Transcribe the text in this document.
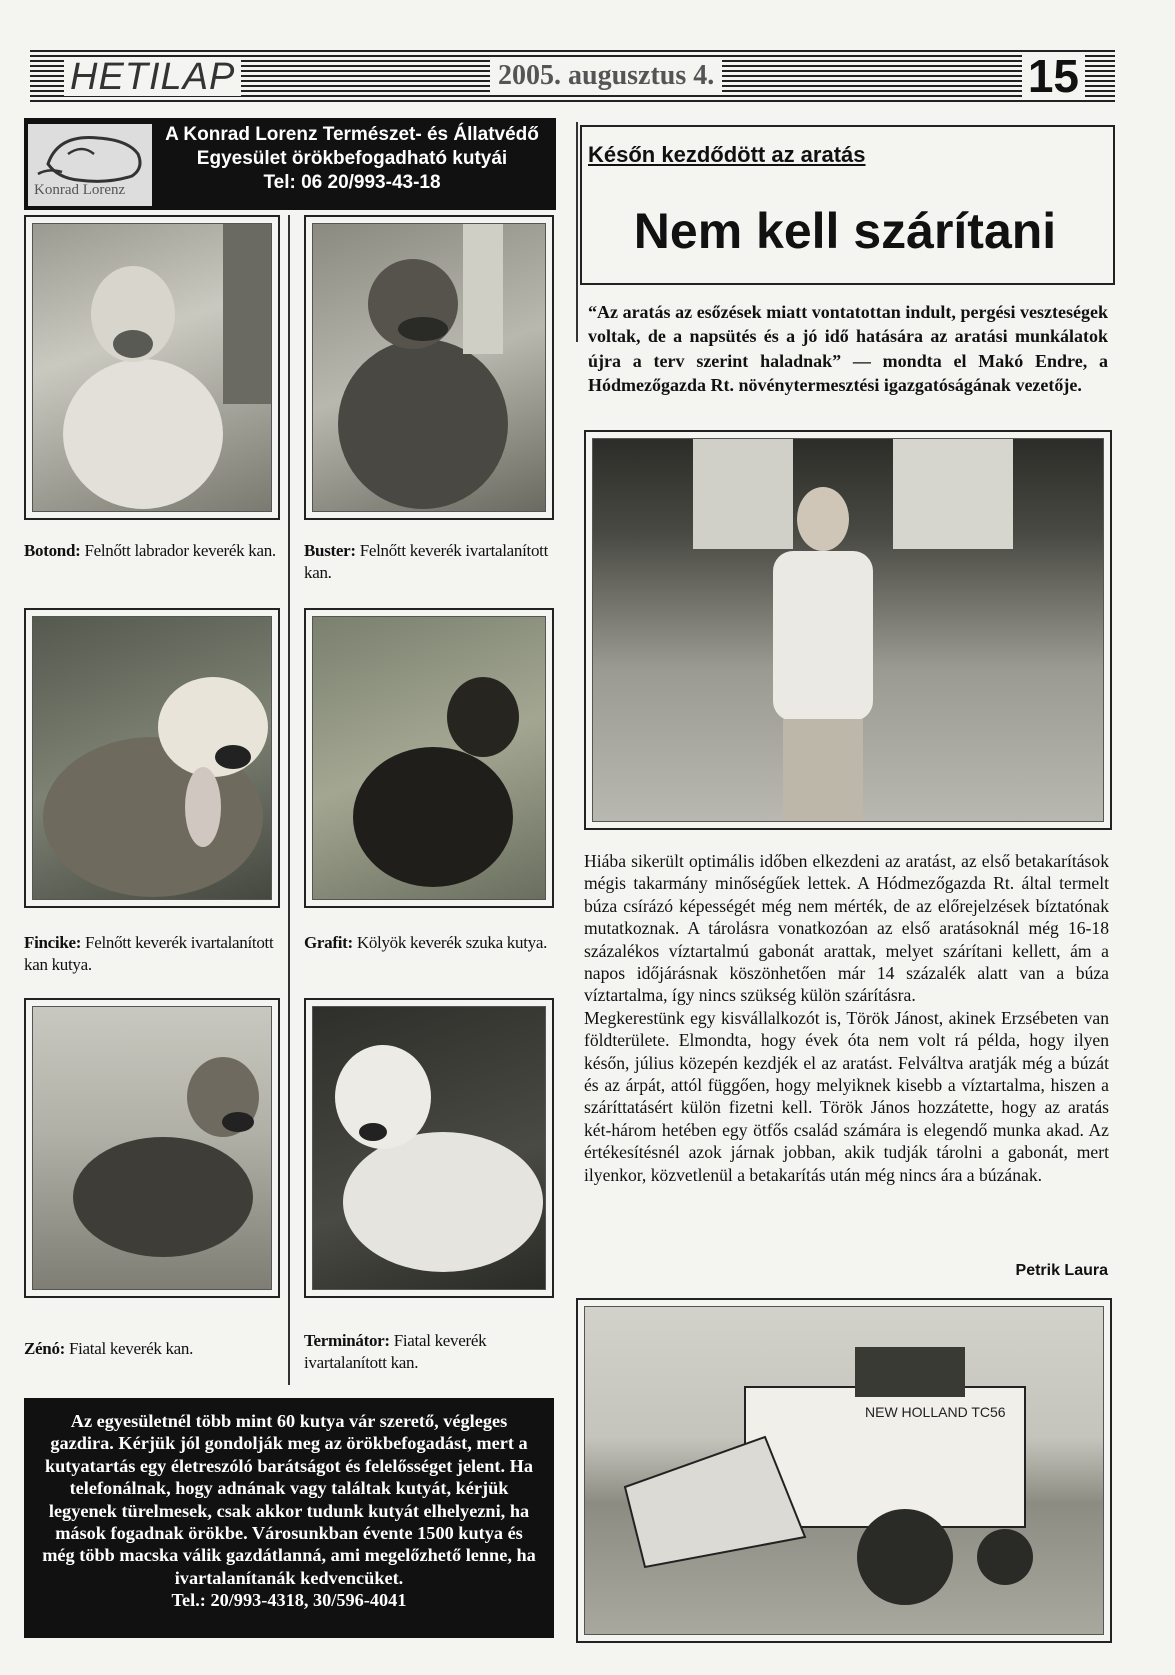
HETILAP	2005. augusztus 4.	15
Konrad Lorenz
A Konrad Lorenz Természet- és Állatvédő
Egyesület örökbefogadható kutyái
Tel: 06 20/993-43-18
Botond: Felnőtt labrador keverék kan. Buster: Felnőtt keverék ivartalanított kan.
Fincike: Felnőtt keverék ivartalanított kan kutya.
Grafit: Kölyök keverék szuka kutya.
Zénó: Fiatal keverék kan.	Terminátor: Fiatal keverék ivartalanított kan.
Az egyesületnél több mint 60 kutya vár szerető, végleges gazdira. Kérjük jól gondolják meg az örökbefogadást, mert a kutyatartás egy életreszóló barátságot és felelősséget jelent. Ha telefonálnak, hogy adnának vagy találtak kutyát, kérjük legyenek türelmesek, csak akkor tudunk kutyát elhelyezni, ha mások fogadnak örökbe. Városunkban évente 1500 kutya és még több macska válik gazdátlanná, ami megelőzhető lenne, ha ivartalanítanák kedvencüket.
Tel.: 20/993-4318, 30/596-4041
Későn kezdődött az aratás
Nem kell szárítani
“Az aratás az esőzések miatt vontatottan indult, pergési veszteségek voltak, de a napsütés és a jó idő hatására az aratási munkálatok újra a terv szerint haladnak” — mondta el Makó Endre, a Hódmezőgazda Rt. növénytermesztési igazgatóságának vezetője.
Hiába sikerült optimális időben elkezdeni az aratást, az első betakarítások mégis takarmány minőségűek lettek. A Hódmezőgazda Rt. által termelt búza csírázó képességét még nem mérték, de az előrejelzések bíztatónak mutatkoznak. A tárolásra vonatkozóan az első aratásoknál még 16-18 százalékos víztartalmú gabonát arattak, melyet szárítani kellett, ám a napos időjárásnak köszönhetően már 14 százalék alatt van a búza víztartalma, így nincs szükség külön szárításra.
Megkerestünk egy kisvállalkozót is, Török Jánost, akinek Erzsébeten van földterülete. Elmondta, hogy évek óta nem volt rá példa, hogy ilyen későn, július közepén kezdjék el az aratást. Felváltva aratják még a búzát és az árpát, attól függően, hogy melyiknek kisebb a víztartalma, hiszen a száríttatásért külön fizetni kell. Török János hozzátette, hogy az aratás két-három hetében egy ötfős család számára is elegendő munka akad. Az értékesítésnél azok járnak jobban, akik tudják tárolni a gabonát, mert ilyenkor, közvetlenül a betakarítás után még nincs ára a búzának.
Petrik Laura
NEW HOLLAND TC56
